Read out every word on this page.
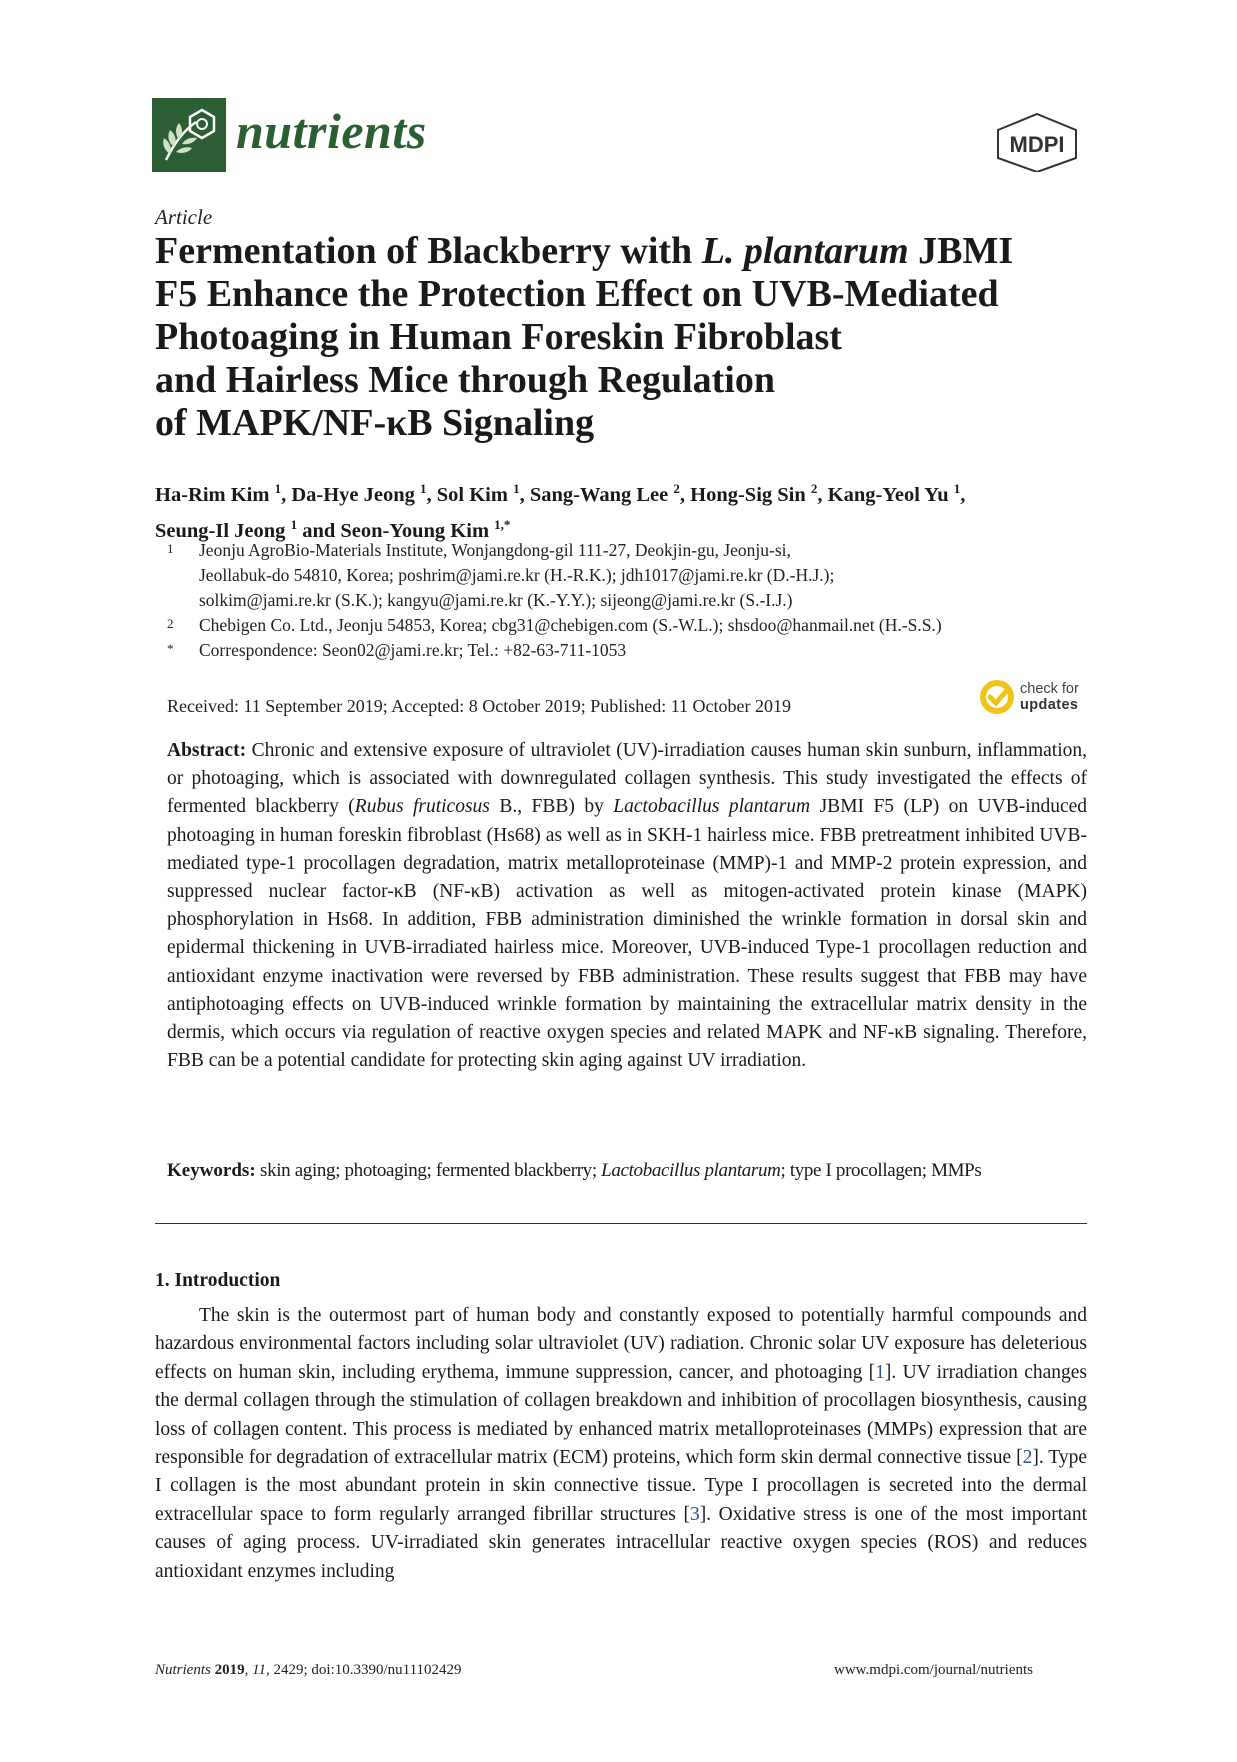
nutrients	MDPI
Article
Fermentation of Blackberry with L. plantarum JBMI
F5 Enhance the Protection Effect on UVB-Mediated
Photoaging in Human Foreskin Fibroblast
and Hairless Mice through Regulation
of MAPK/NF-κB Signaling
Ha-Rim Kim $^1$, Da-Hye Jeong $^1$, Sol Kim $^1$, Sang-Wang Lee $^2$, Hong-Sig Sin $^2$, Kang-Yeol Yu $^1$,
Seung-Il Jeong $^1$ and Seon-Young Kim $^{1,*}$
1 Jeonju AgroBio-Materials Institute, Wonjangdong-gil 111-27, Deokjin-gu, Jeonju-si,
Jeollabuk-do 54810, Korea; poshrim@jami.re.kr (H.-R.K.); jdh1017@jami.re.kr (D.-H.J.);
solkim@jami.re.kr (S.K.); kangyu@jami.re.kr (K.-Y.Y.); sijeong@jami.re.kr (S.-I.J.)
2 Chebigen Co. Ltd., Jeonju 54853, Korea; cbg31@chebigen.com (S.-W.L.); shsdoo@hanmail.net (H.-S.S.)
* Correspondence: Seon02@jami.re.kr; Tel.: +82-63-711-1053
Received: 11 September 2019; Accepted: 8 October 2019; Published: 11 October 2019
check for
updates
Abstract: Chronic and extensive exposure of ultraviolet (UV)-irradiation causes human skin sunburn, inflammation, or photoaging, which is associated with downregulated collagen synthesis. This study investigated the effects of fermented blackberry (Rubus fruticosus B., FBB) by Lactobacillus plantarum JBMI F5 (LP) on UVB-induced photoaging in human foreskin fibroblast (Hs68) as well as in SKH-1 hairless mice. FBB pretreatment inhibited UVB-mediated type-1 procollagen degradation, matrix metalloproteinase (MMP)-1 and MMP-2 protein expression, and suppressed nuclear factor-κB (NF-κB) activation as well as mitogen-activated protein kinase (MAPK) phosphorylation in Hs68. In addition, FBB administration diminished the wrinkle formation in dorsal skin and epidermal thickening in UVB-irradiated hairless mice. Moreover, UVB-induced Type-1 procollagen reduction and antioxidant enzyme inactivation were reversed by FBB administration. These results suggest that FBB may have antiphotoaging effects on UVB-induced wrinkle formation by maintaining the extracellular matrix density in the dermis, which occurs via regulation of reactive oxygen species and related MAPK and NF-κB signaling. Therefore, FBB can be a potential candidate for protecting skin aging against UV irradiation.
Keywords: skin aging; photoaging; fermented blackberry; Lactobacillus plantarum; type I procollagen; MMPs
1. Introduction
The skin is the outermost part of human body and constantly exposed to potentially harmful compounds and hazardous environmental factors including solar ultraviolet (UV) radiation. Chronic solar UV exposure has deleterious effects on human skin, including erythema, immune suppression, cancer, and photoaging [1]. UV irradiation changes the dermal collagen through the stimulation of collagen breakdown and inhibition of procollagen biosynthesis, causing loss of collagen content. This process is mediated by enhanced matrix metalloproteinases (MMPs) expression that are responsible for degradation of extracellular matrix (ECM) proteins, which form skin dermal connective tissue [2]. Type I collagen is the most abundant protein in skin connective tissue. Type I procollagen is secreted into the dermal extracellular space to form regularly arranged fibrillar structures [3]. Oxidative stress is one of the most important causes of aging process. UV-irradiated skin generates intracellular reactive oxygen species (ROS) and reduces antioxidant enzymes including
Nutrients 2019, 11, 2429; doi:10.3390/nu11102429	www.mdpi.com/journal/nutrients
